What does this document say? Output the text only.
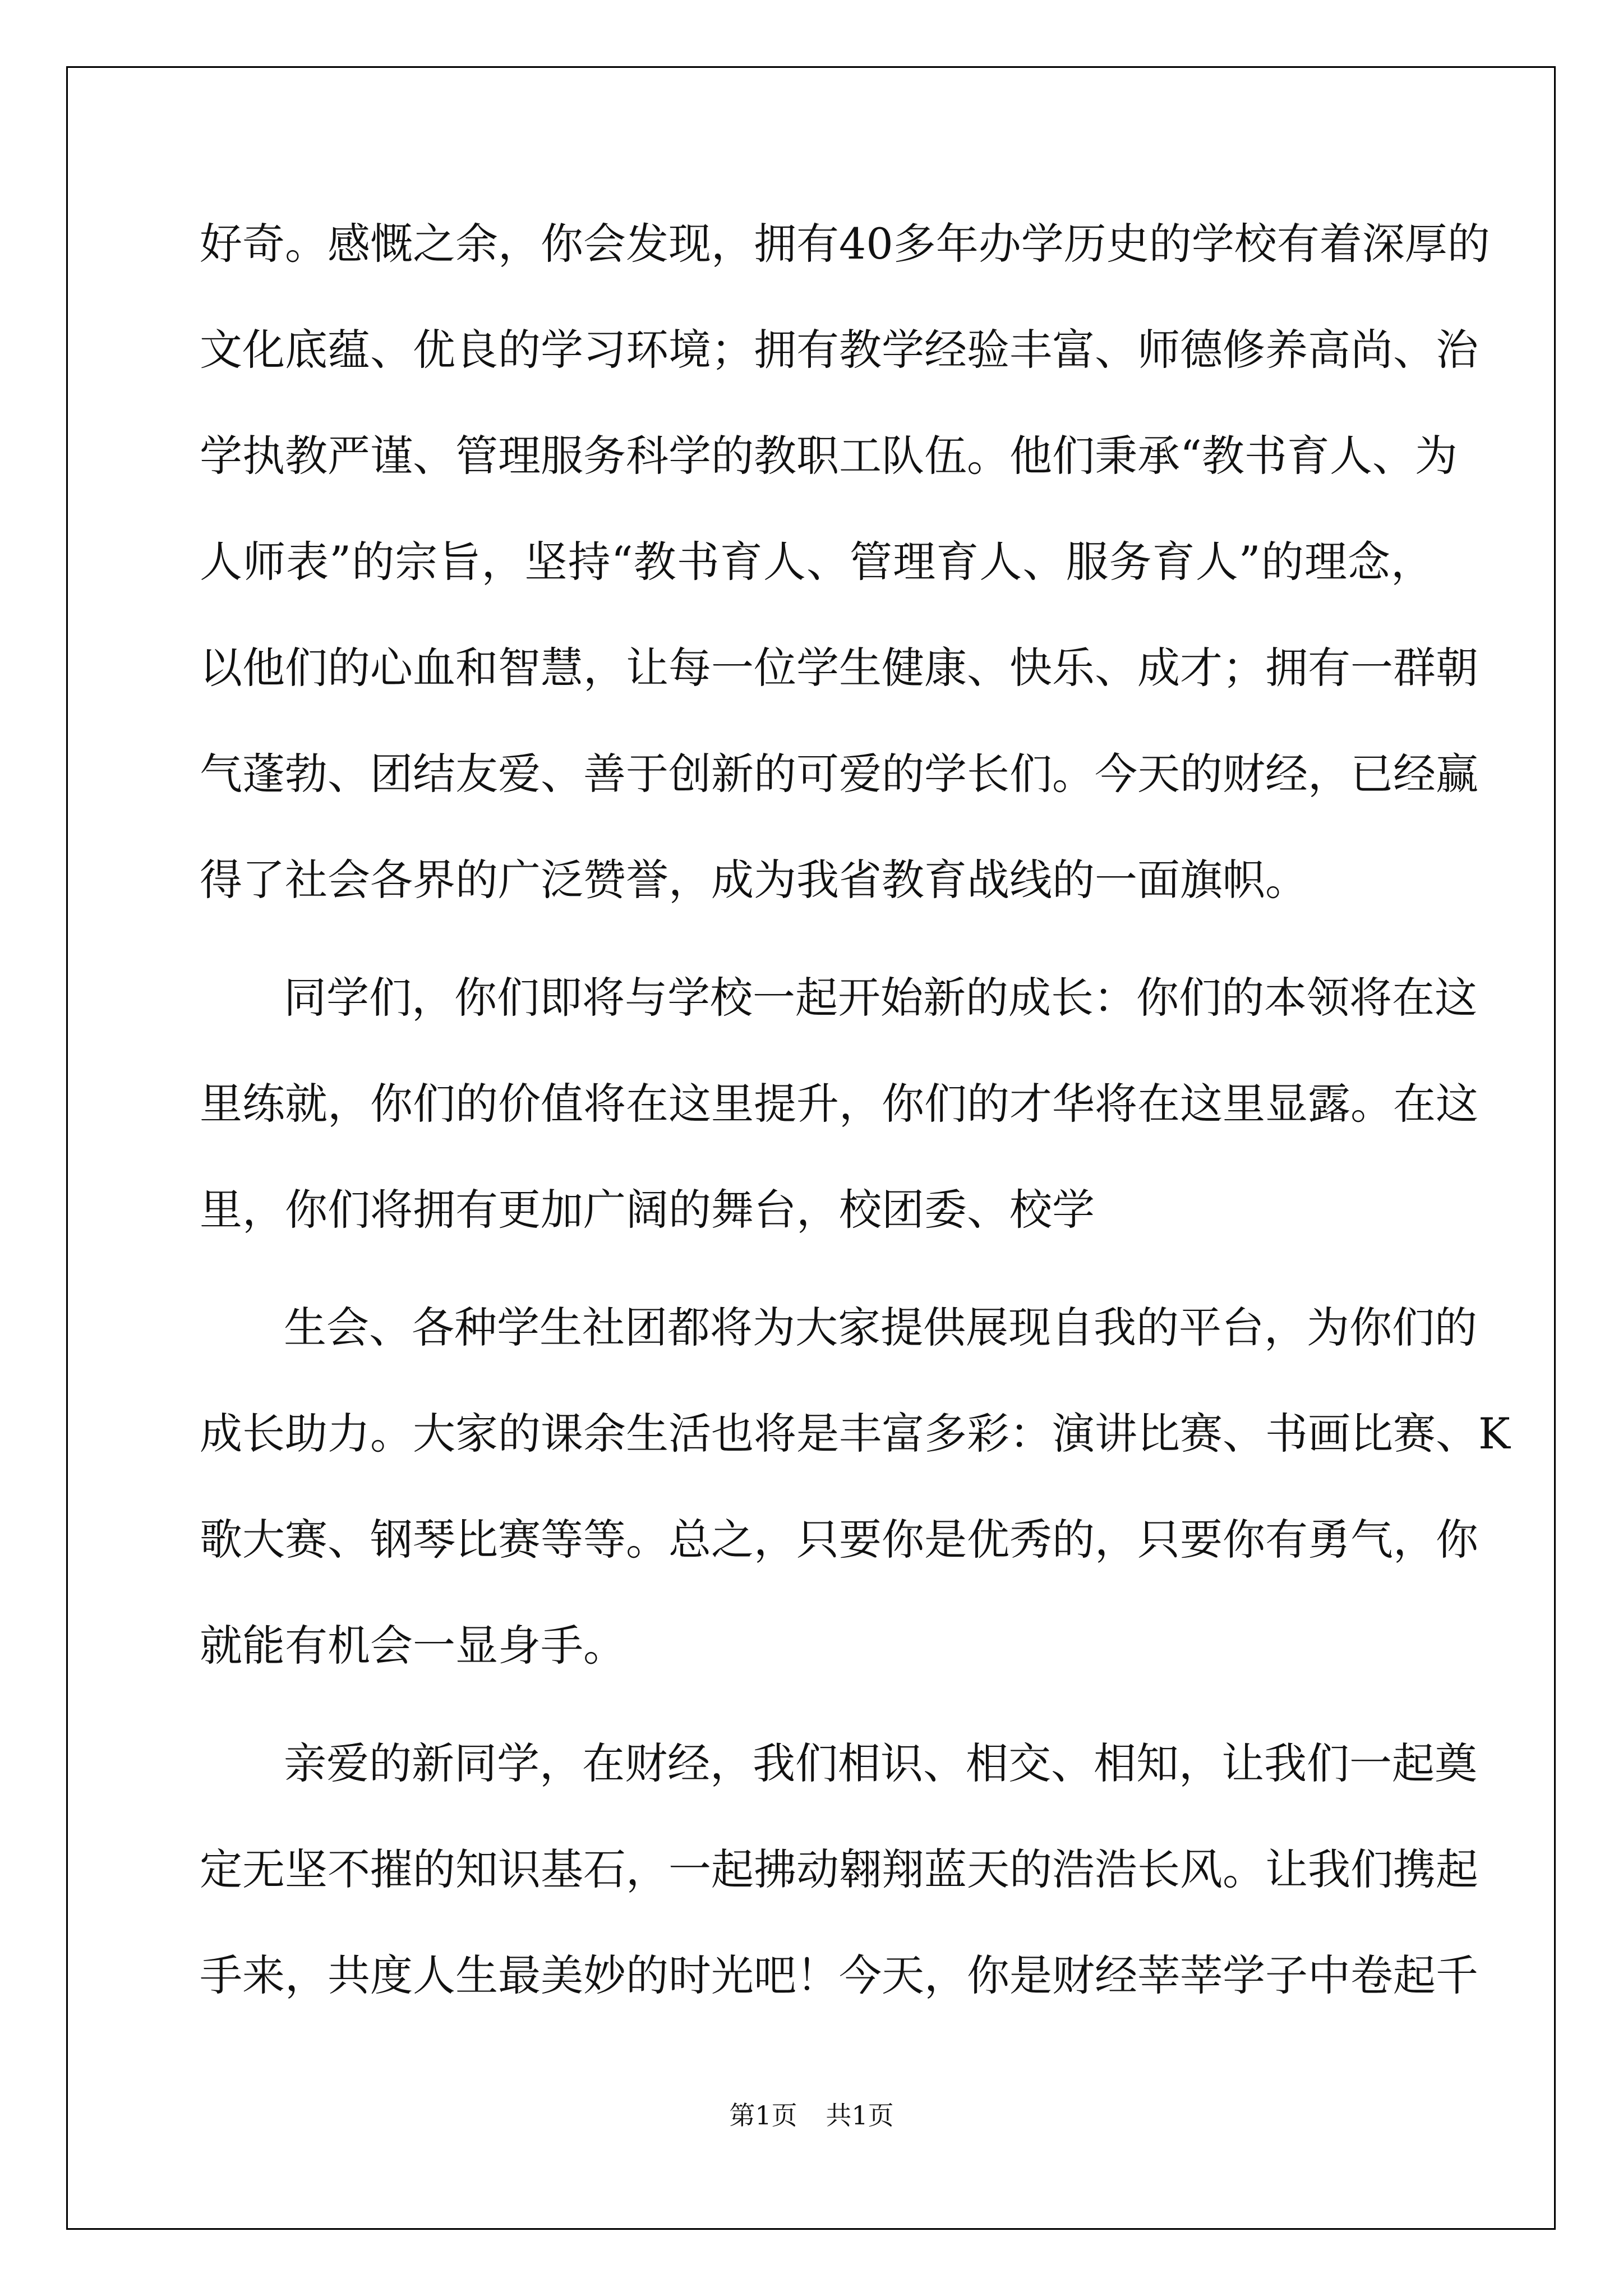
好奇。感慨之余，你会发现，拥有40多年办学历史的学校有着深厚的
文化底蕴、优良的学习环境；拥有教学经验丰富、师德修养高尚、治
学执教严谨、管理服务科学的教职工队伍。他们秉承“教书育人、为
人师表”的宗旨，坚持“教书育人、管理育人、服务育人”的理念，
以他们的心血和智慧，让每一位学生健康、快乐、成才；拥有一群朝
气蓬勃、团结友爱、善于创新的可爱的学长们。今天的财经，已经赢
得了社会各界的广泛赞誉，成为我省教育战线的一面旗帜。
同学们，你们即将与学校一起开始新的成长：你们的本领将在这
里练就，你们的价值将在这里提升，你们的才华将在这里显露。在这
里，你们将拥有更加广阔的舞台，校团委、校学
生会、各种学生社团都将为大家提供展现自我的平台，为你们的
成长助力。大家的课余生活也将是丰富多彩：演讲比赛、书画比赛、K
歌大赛、钢琴比赛等等。总之，只要你是优秀的，只要你有勇气，你
就能有机会一显身手。
亲爱的新同学，在财经，我们相识、相交、相知，让我们一起奠
定无坚不摧的知识基石，一起拂动翱翔蓝天的浩浩长风。让我们携起
手来，共度人生最美妙的时光吧！今天，你是财经莘莘学子中卷起千
第1页 共1页
